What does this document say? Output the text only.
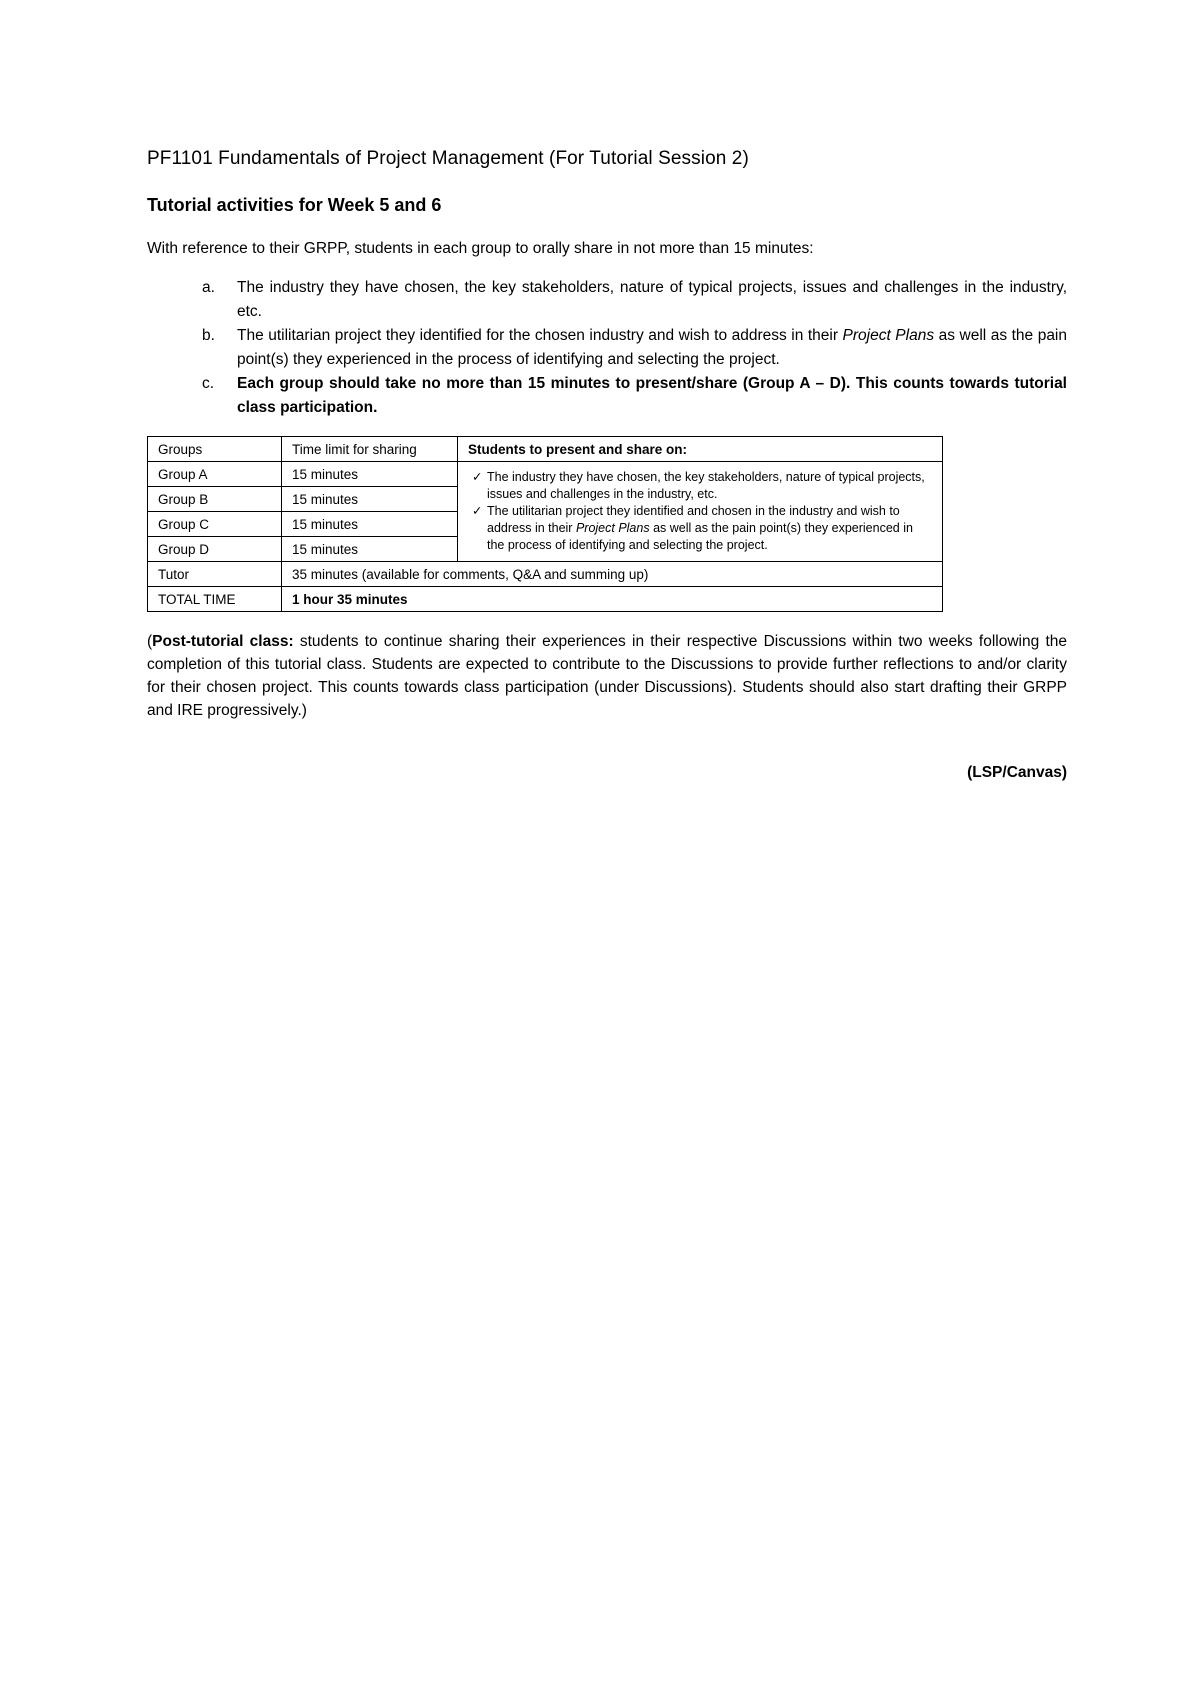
PF1101 Fundamentals of Project Management (For Tutorial Session 2)
Tutorial activities for Week 5 and 6
With reference to their GRPP, students in each group to orally share in not more than 15 minutes:
a.	The industry they have chosen, the key stakeholders, nature of typical projects, issues and challenges in the industry, etc.
b.	The utilitarian project they identified for the chosen industry and wish to address in their Project Plans as well as the pain point(s) they experienced in the process of identifying and selecting the project.
c.	Each group should take no more than 15 minutes to present/share (Group A – D). This counts towards tutorial class participation.
Groups	Time limit for sharing	Students to present and share on:
Group A	15 minutes	✓ The industry they have chosen, the key stakeholders, nature of typical projects, issues and challenges in the industry, etc.
✓ The utilitarian project they identified and chosen in the industry and wish to address in their Project Plans as well as the pain point(s) they experienced in the process of identifying and selecting the project.

Group B	15 minutes	
Group C	15 minutes	
Group D	15 minutes	
Tutor	35 minutes (available for comments, Q&A and summing up)	
TOTAL TIME	1 hour 35 minutes	
(Post-tutorial class: students to continue sharing their experiences in their respective Discussions within two weeks following the completion of this tutorial class. Students are expected to contribute to the Discussions to provide further reflections to and/or clarity for their chosen project. This counts towards class participation (under Discussions). Students should also start drafting their GRPP and IRE progressively.)
(LSP/Canvas)
